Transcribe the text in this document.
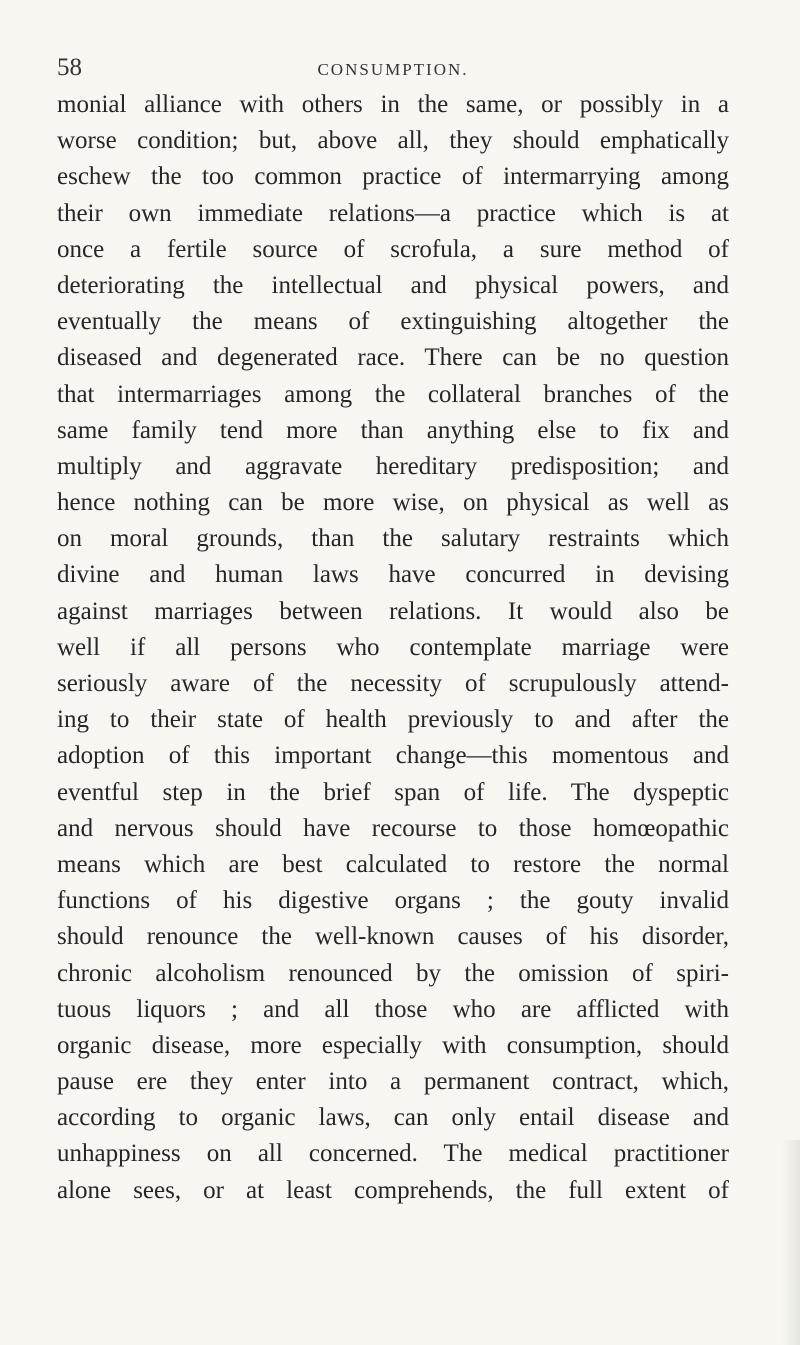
58	CONSUMPTION.
monial alliance with others in the same, or possibly in a
worse condition; but, above all, they should emphatically
eschew the too common practice of intermarrying among
their own immediate relations—a practice which is at
once a fertile source of scrofula, a sure method of
deteriorating the intellectual and physical powers, and
eventually the means of extinguishing altogether the
diseased and degenerated race. There can be no question
that intermarriages among the collateral branches of the
same family tend more than anything else to fix and
multiply and aggravate hereditary predisposition; and
hence nothing can be more wise, on physical as well as
on moral grounds, than the salutary restraints which
divine and human laws have concurred in devising
against marriages between relations. It would also be
well if all persons who contemplate marriage were
seriously aware of the necessity of scrupulously attend-
ing to their state of health previously to and after the
adoption of this important change—this momentous and
eventful step in the brief span of life. The dyspeptic
and nervous should have recourse to those homœopathic
means which are best calculated to restore the normal
functions of his digestive organs ; the gouty invalid
should renounce the well-known causes of his disorder,
chronic alcoholism renounced by the omission of spiri-
tuous liquors ; and all those who are afflicted with
organic disease, more especially with consumption, should
pause ere they enter into a permanent contract, which,
according to organic laws, can only entail disease and
unhappiness on all concerned. The medical practitioner
alone sees, or at least comprehends, the full extent of
